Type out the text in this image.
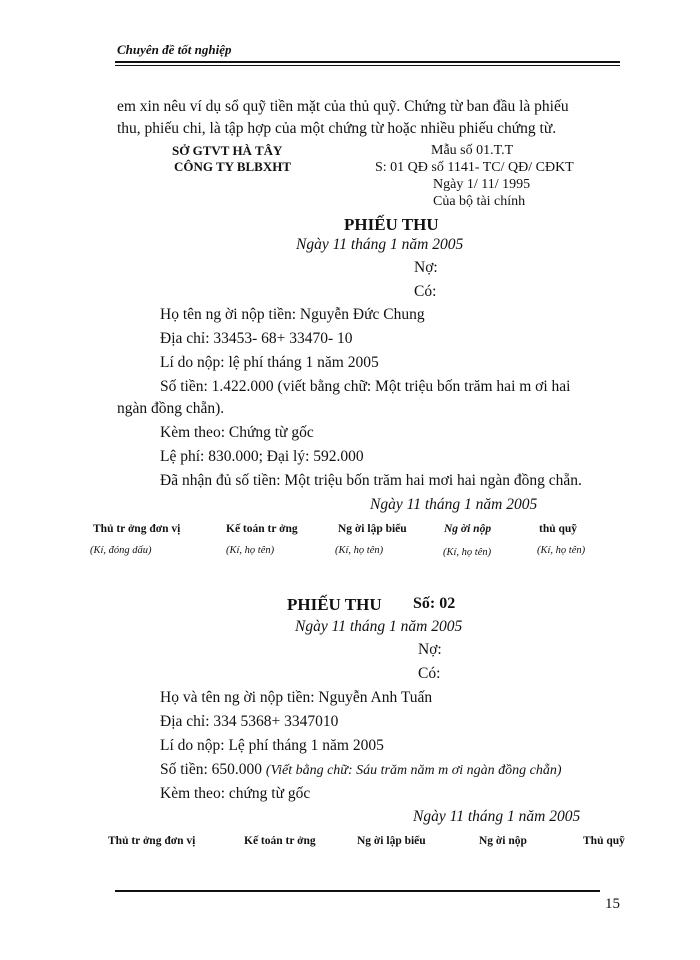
Chuyên đề tốt nghiệp
em xin nêu ví dụ sổ quỹ tiền mặt của thủ quỹ. Chứng từ ban đầu là phiếu
thu, phiếu chi, là tập hợp của một chứng từ hoặc nhiều phiếu chứng từ.
SỞ GTVT HÀ TÂY
CÔNG TY BLBXHT
Mẫu số 01.T.T
S: 01 QĐ số 1141- TC/ QĐ/ CĐKT
Ngày 1/ 11/ 1995
Của bộ tài chính
PHIẾU THU
Ngày 11 tháng 1 năm 2005
Nợ:
Có:
Họ tên ng ời nộp tiền: Nguyễn Đức Chung
Địa chỉ: 33453- 68+ 33470- 10
Lí do nộp: lệ phí tháng 1 năm 2005
Số tiền: 1.422.000 (viết bằng chữ: Một triệu bốn trăm hai m ơi hai
ngàn đồng chẵn).
Kèm theo: Chứng từ gốc
Lệ phí: 830.000; Đại lý: 592.000
Đã nhận đủ số tiền: Một triệu bốn trăm hai mơi hai ngàn đồng chẵn.
Ngày 11 tháng 1 năm 2005
Thủ tr ởng đơn vị	Kế toán tr ởng	Ng ời lập biểu	Ng ời nộp	thủ quỹ
(Kí, đóng dấu)	(Kí, họ tên)	(Kí, họ tên)	(Kí, họ tên)	(Kí, họ tên)
PHIẾU THU Số: 02
Ngày 11 tháng 1 năm 2005
Nợ:
Có:
Họ và tên ng ời nộp tiền: Nguyễn Anh Tuấn
Địa chỉ: 334 5368+ 3347010
Lí do nộp: Lệ phí tháng 1 năm 2005
Số tiền: 650.000 (Viết bằng chữ: Sáu trăm năm m ơi ngàn đồng chẵn)
Kèm theo: chứng từ gốc
Ngày 11 tháng 1 năm 2005
Thủ tr ởng đơn vị	Kế toán tr ởng	Ng ời lập biểu	Ng ời nộp	Thủ quỹ
15
